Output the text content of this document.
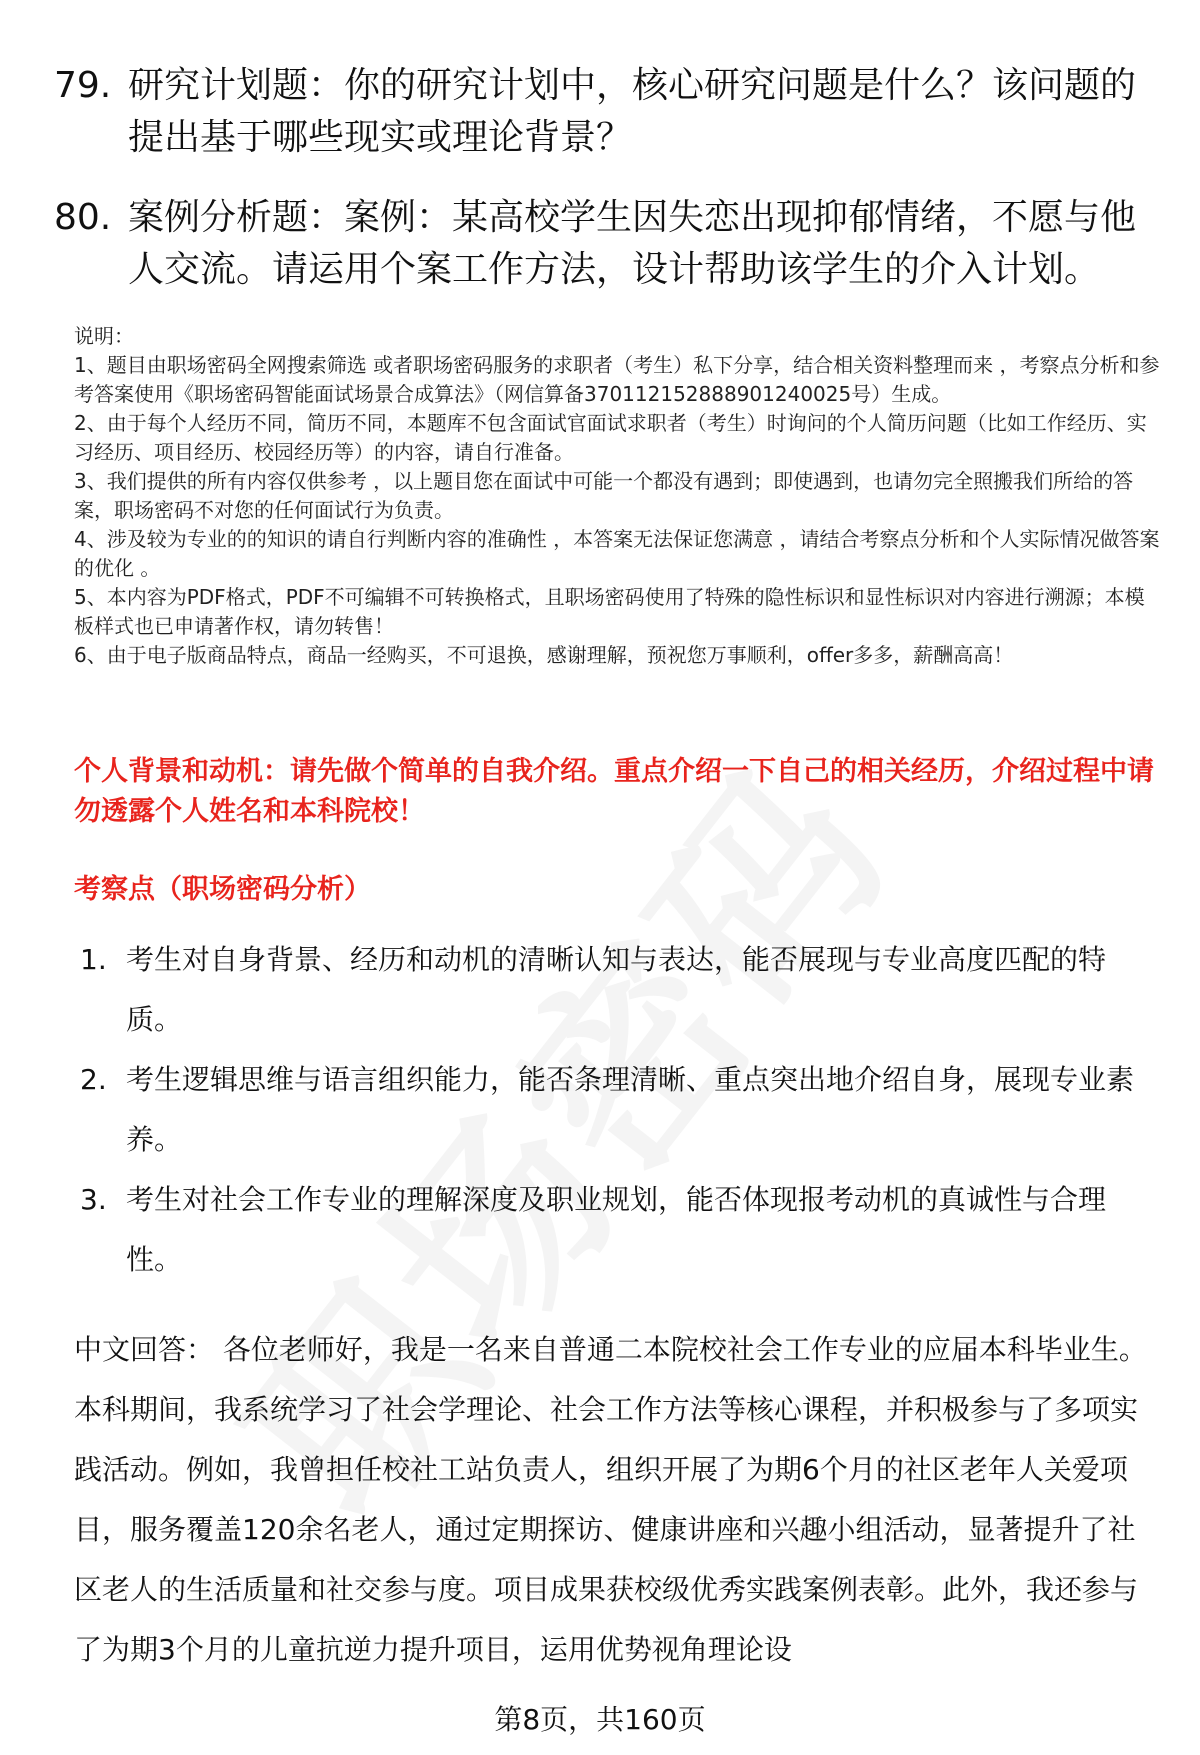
79. 研究计划题：你的研究计划中，核心研究问题是什么？该问题的提出基于哪些现实或理论背景？
80. 案例分析题：案例：某高校学生因失恋出现抑郁情绪，不愿与他人交流。请运用个案工作方法，设计帮助该学生的介入计划。

说明：

1、题目由职场密码全网搜索筛选 或者职场密码服务的求职者（考生）私下分享，结合相关资料整理而来 ，考察点分析和参考答案使用《职场密码智能面试场景合成算法》（网信算备370112152888901240025号）生成。

2、由于每个人经历不同，简历不同，本题库不包含面试官面试求职者（考生）时询问的个人简历问题（比如工作经历、实习经历、项目经历、校园经历等）的内容，请自行准备。

3、我们提供的所有内容仅供参考 ，以上题目您在面试中可能一个都没有遇到；即使遇到，也请勿完全照搬我们所给的答案，职场密码不对您的任何面试行为负责。

4、涉及较为专业的的知识的请自行判断内容的准确性 ，本答案无法保证您满意 ，请结合考察点分析和个人实际情况做答案的优化 。

5、本内容为PDF格式，PDF不可编辑不可转换格式，且职场密码使用了特殊的隐性标识和显性标识对内容进行溯源；本模板样式也已申请著作权，请勿转售！

6、由于电子版商品特点，商品一经购买，不可退换，感谢理解，预祝您万事顺利，offer多多，薪酬高高！

个人背景和动机：请先做个简单的自我介绍。重点介绍一下自己的相关经历，介绍过程中请勿透露个人姓名和本科院校！
考察点（职场密码分析）
1. 考生对自身背景、经历和动机的清晰认知与表达，能否展现与专业高度匹配的特质。
2. 考生逻辑思维与语言组织能力，能否条理清晰、重点突出地介绍自身，展现专业素养。
3. 考生对社会工作专业的理解深度及职业规划，能否体现报考动机的真诚性与合理性。
中文回答： 各位老师好，我是一名来自普通二本院校社会工作专业的应届本科毕业生。本科期间，我系统学习了社会学理论、社会工作方法等核心课程，并积极参与了多项实践活动。例如，我曾担任校社工站负责人，组织开展了为期6个月的社区老年人关爱项目，服务覆盖120余名老人，通过定期探访、健康讲座和兴趣小组活动，显著提升了社区老人的生活质量和社交参与度。项目成果获校级优秀实践案例表彰。此外，我还参与了为期3个月的儿童抗逆力提升项目，运用优势视角理论设
第8页，共160页
